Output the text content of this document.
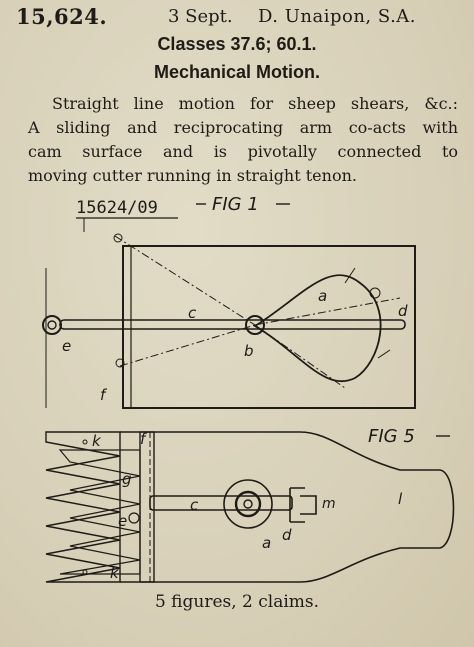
15,624.	3 Sept. D. Unaipon, S.A.
Classes 37.6; 60.1.
Mechanical Motion.
Straight line motion for sheep shears, &c.:
A sliding and reciprocating arm co-acts with
cam surface and is pivotally connected to
moving cutter running in straight tenon.
15624/09	FIG 1
a
b
c	d
e
f
FIG 5
k	f
g
c	m	l
e
a d
k
5 figures, 2 claims.
